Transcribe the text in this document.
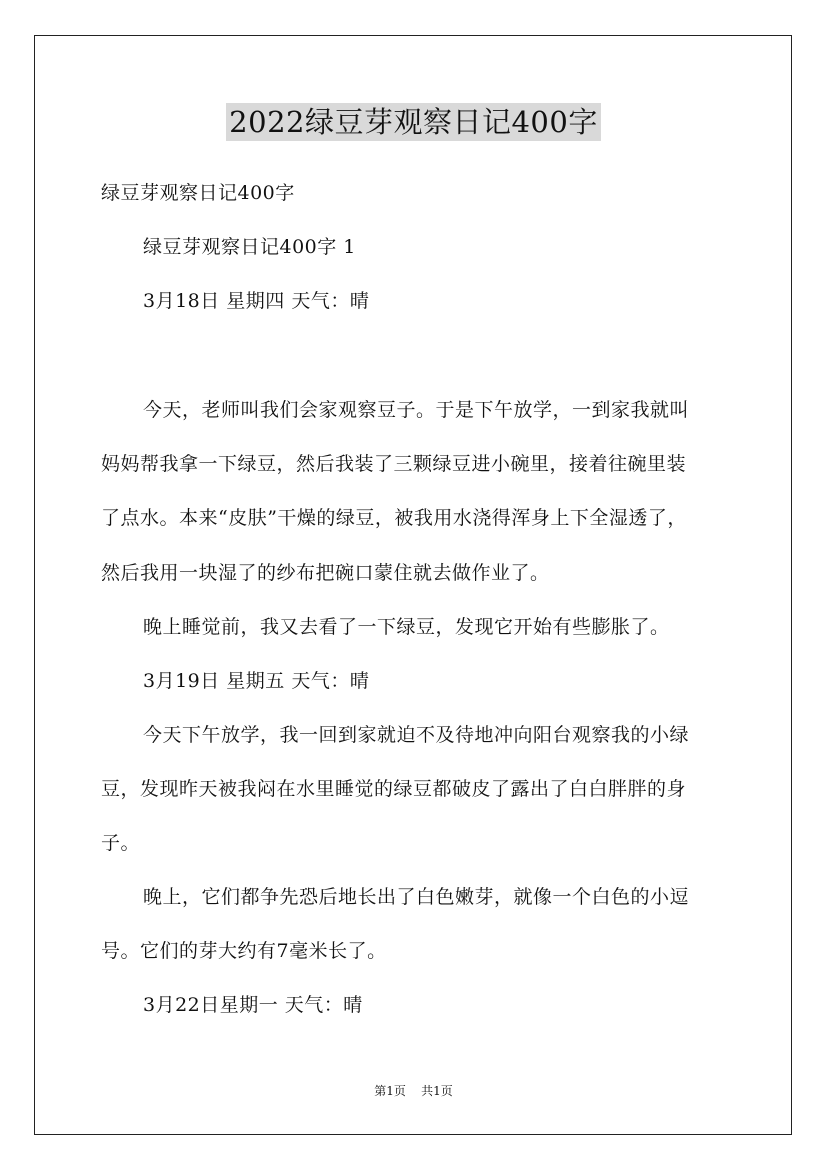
2022绿豆芽观察日记400字
绿豆芽观察日记400字
绿豆芽观察日记400字 1
3月18日 星期四 天气：晴
今天，老师叫我们会家观察豆子。于是下午放学，一到家我就叫
妈妈帮我拿一下绿豆，然后我装了三颗绿豆进小碗里，接着往碗里装
了点水。本来“皮肤”干燥的绿豆，被我用水浇得浑身上下全湿透了，
然后我用一块湿了的纱布把碗口蒙住就去做作业了。
晚上睡觉前，我又去看了一下绿豆，发现它开始有些膨胀了。
3月19日 星期五 天气：晴
今天下午放学，我一回到家就迫不及待地冲向阳台观察我的小绿
豆，发现昨天被我闷在水里睡觉的绿豆都破皮了露出了白白胖胖的身
子。
晚上，它们都争先恐后地长出了白色嫩芽，就像一个白色的小逗
号。它们的芽大约有7毫米长了。
3月22日星期一 天气：晴
第1页 共1页
